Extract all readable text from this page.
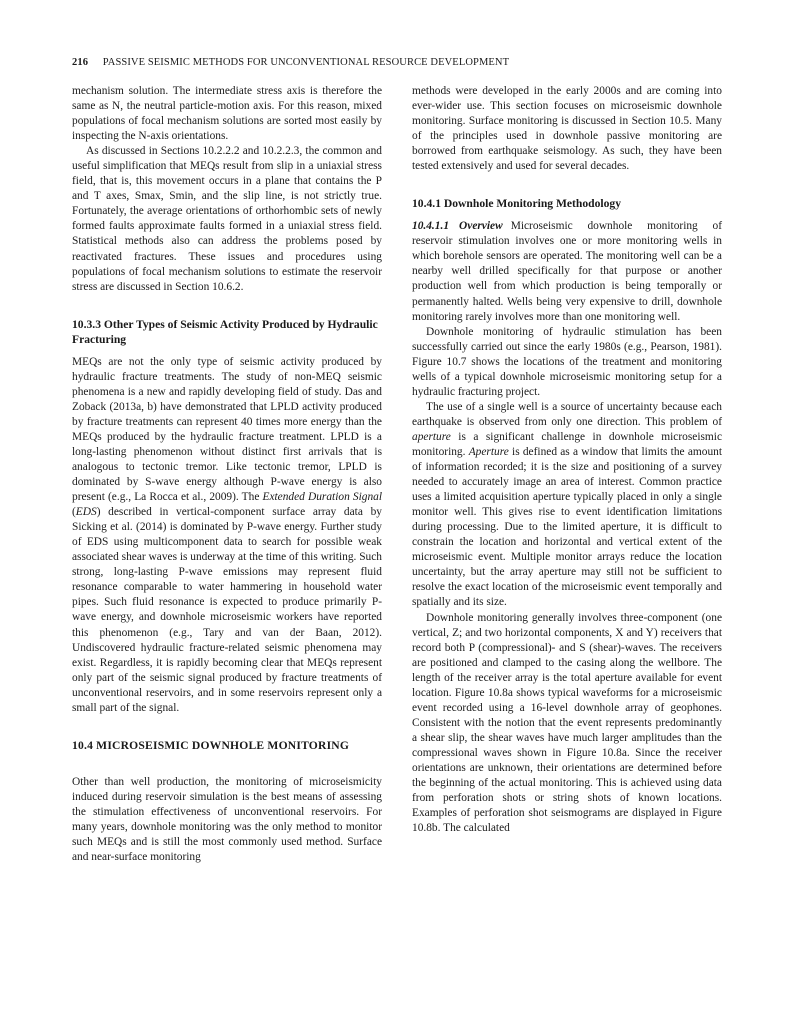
216 PASSIVE SEISMIC METHODS FOR UNCONVENTIONAL RESOURCE DEVELOPMENT

mechanism solution. The intermediate stress axis is therefore the same as N, the neutral particle-motion axis. For this reason, mixed populations of focal mechanism solutions are sorted most easily by inspecting the N-axis orientations.

As discussed in Sections 10.2.2.2 and 10.2.2.3, the common and useful simplification that MEQs result from slip in a uniaxial stress field, that is, this movement occurs in a plane that contains the P and T axes, Smax, Smin, and the slip line, is not strictly true. Fortunately, the average orientations of orthorhombic sets of newly formed faults approximate faults formed in a uniaxial stress field. Statistical methods also can address the problems posed by reactivated fractures. These issues and procedures using populations of focal mechanism solutions to estimate the reservoir stress are discussed in Section 10.6.2.

10.3.3 Other Types of Seismic Activity Produced by Hydraulic Fracturing

MEQs are not the only type of seismic activity produced by hydraulic fracture treatments. The study of non-MEQ seismic phenomena is a new and rapidly developing field of study. Das and Zoback (2013a, b) have demonstrated that LPLD activity produced by fracture treatments can represent 40 times more energy than the MEQs produced by the hydraulic fracture treatment. LPLD is a long-lasting phenomenon without distinct first arrivals that is analogous to tectonic tremor. Like tectonic tremor, LPLD is dominated by S-wave energy although P-wave energy is also present (e.g., La Rocca et al., 2009). The Extended Duration Signal (EDS) described in vertical-component surface array data by Sicking et al. (2014) is dominated by P-wave energy. Further study of EDS using multicomponent data to search for possible weak associated shear waves is underway at the time of this writing. Such strong, long-lasting P-wave emissions may represent fluid resonance comparable to water hammering in household water pipes. Such fluid resonance is expected to produce primarily P-wave energy, and downhole microseismic workers have reported this phenomenon (e.g., Tary and van der Baan, 2012). Undiscovered hydraulic fracture-related seismic phenomena may exist. Regardless, it is rapidly becoming clear that MEQs represent only part of the seismic signal produced by fracture treatments of unconventional reservoirs, and in some reservoirs represent only a small part of the signal.

10.4 MICROSEISMIC DOWNHOLE MONITORING

Other than well production, the monitoring of microseismicity induced during reservoir simulation is the best means of assessing the stimulation effectiveness of unconventional reservoirs. For many years, downhole monitoring was the only method to monitor such MEQs and is still the most commonly used method. Surface and near-surface monitoring

methods were developed in the early 2000s and are coming into ever-wider use. This section focuses on microseismic downhole monitoring. Surface monitoring is discussed in Section 10.5. Many of the principles used in downhole passive monitoring are borrowed from earthquake seismology. As such, they have been tested extensively and used for several decades.

10.4.1 Downhole Monitoring Methodology

10.4.1.1 Overview Microseismic downhole monitoring of reservoir stimulation involves one or more monitoring wells in which borehole sensors are operated. The monitoring well can be a nearby well drilled specifically for that purpose or another production well from which production is being temporally or permanently halted. Wells being very expensive to drill, downhole monitoring rarely involves more than one monitoring well.

Downhole monitoring of hydraulic stimulation has been successfully carried out since the early 1980s (e.g., Pearson, 1981). Figure 10.7 shows the locations of the treatment and monitoring wells of a typical downhole microseismic monitoring setup for a hydraulic fracturing project.

The use of a single well is a source of uncertainty because each earthquake is observed from only one direction. This problem of aperture is a significant challenge in downhole microseismic monitoring. Aperture is defined as a window that limits the amount of information recorded; it is the size and positioning of a survey needed to accurately image an area of interest. Common practice uses a limited acquisition aperture typically placed in only a single monitor well. This gives rise to event identification limitations during processing. Due to the limited aperture, it is difficult to constrain the location and horizontal and vertical extent of the microseismic event. Multiple monitor arrays reduce the location uncertainty, but the array aperture may still not be sufficient to resolve the exact location of the microseismic event temporally and spatially and its size.

Downhole monitoring generally involves three-component (one vertical, Z; and two horizontal components, X and Y) receivers that record both P (compressional)- and S (shear)-waves. The receivers are positioned and clamped to the casing along the wellbore. The length of the receiver array is the total aperture available for event location. Figure 10.8a shows typical waveforms for a microseismic event recorded using a 16-level downhole array of geophones. Consistent with the notion that the event represents predominantly a shear slip, the shear waves have much larger amplitudes than the compressional waves shown in Figure 10.8a. Since the receiver orientations are unknown, their orientations are determined before the beginning of the actual monitoring. This is achieved using data from perforation shots or string shots of known locations. Examples of perforation shot seismograms are displayed in Figure 10.8b. The calculated
